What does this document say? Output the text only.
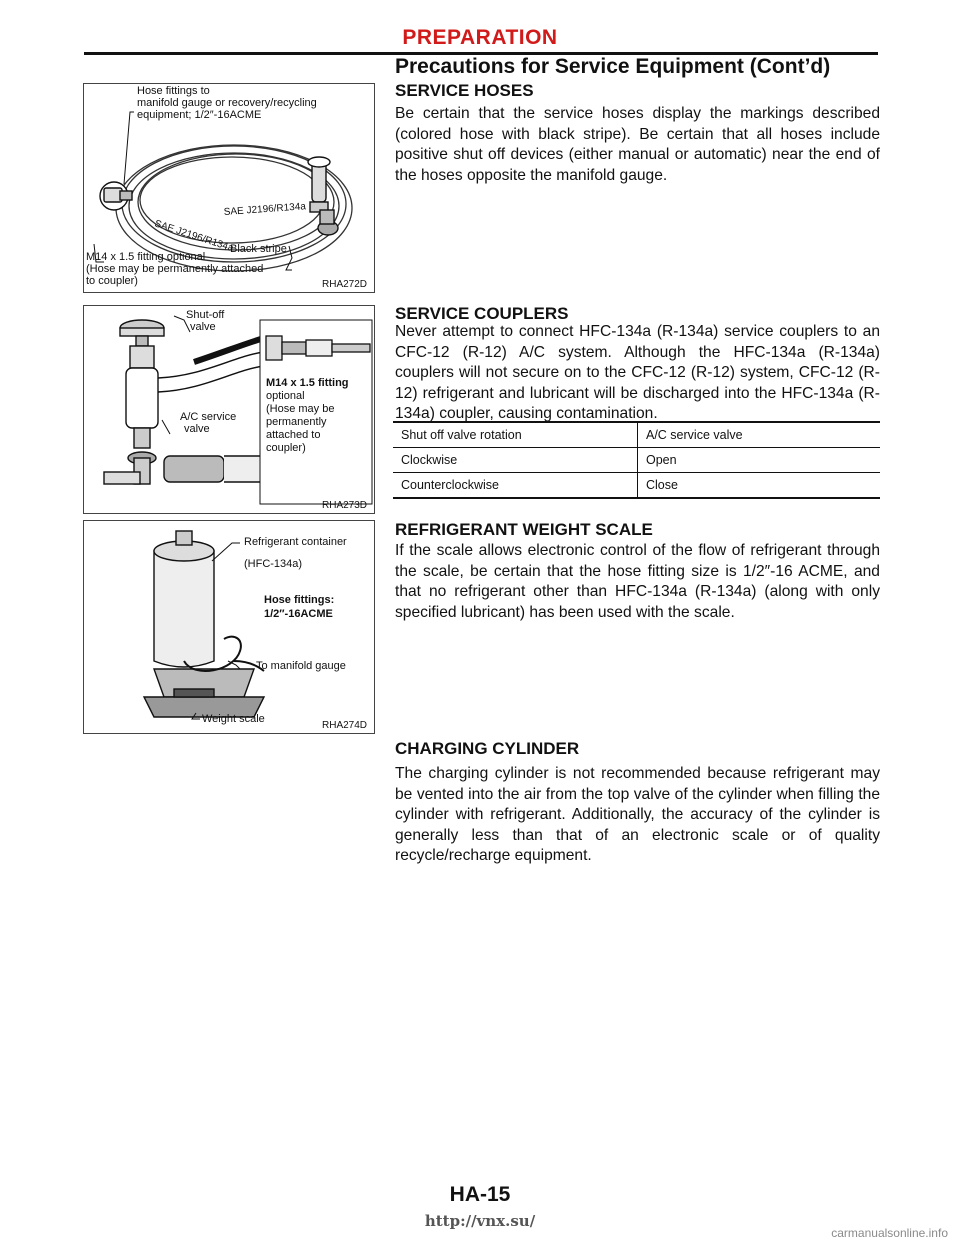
PREPARATION
Precautions for Service Equipment (Cont’d)
Hose fittings to
manifold gauge or recovery/recycling
equipment; 1/2″-16ACME
SAE J2196/R134a
SAE J2196/R134a
Black stripe
M14 x 1.5 fitting optional
(Hose may be permanently attached
to coupler)	RHA272D
Shut-off
valve
A/C service
valve
M14 x 1.5 fitting
optional
(Hose may be
permanently
attached to
coupler)
RHA273D
Refrigerant container
(HFC-134a)
Hose fittings:
1/2″-16ACME
To manifold gauge
Weight scale
RHA274D
SERVICE HOSES
Be certain that the service hoses display the markings described (colored hose with black stripe). Be certain that all hoses include positive shut off devices (either manual or automatic) near the end of the hoses opposite the manifold gauge.
SERVICE COUPLERS
Never attempt to connect HFC-134a (R-134a) service couplers to an CFC-12 (R-12) A/C system. Although the HFC-134a (R-134a) couplers will not secure on to the CFC-12 (R-12) system, CFC-12 (R-12) refrigerant and lubricant will be discharged into the HFC-134a (R-134a) coupler, causing contamination.
Shut off valve rotation	A/C service valve
Clockwise	Open
Counterclockwise	Close
REFRIGERANT WEIGHT SCALE
If the scale allows electronic control of the flow of refrigerant through the scale, be certain that the hose fitting size is 1/2″-16 ACME, and that no refrigerant other than HFC-134a (R-134a) (along with only specified lubricant) has been used with the scale.
CHARGING CYLINDER
The charging cylinder is not recommended because refrigerant may be vented into the air from the top valve of the cylinder when filling the cylinder with refrigerant. Additionally, the accuracy of the cylinder is generally less than that of an electronic scale or of quality recycle/recharge equipment.
HA-15
http://vnx.su/
carmanualsonline.info
